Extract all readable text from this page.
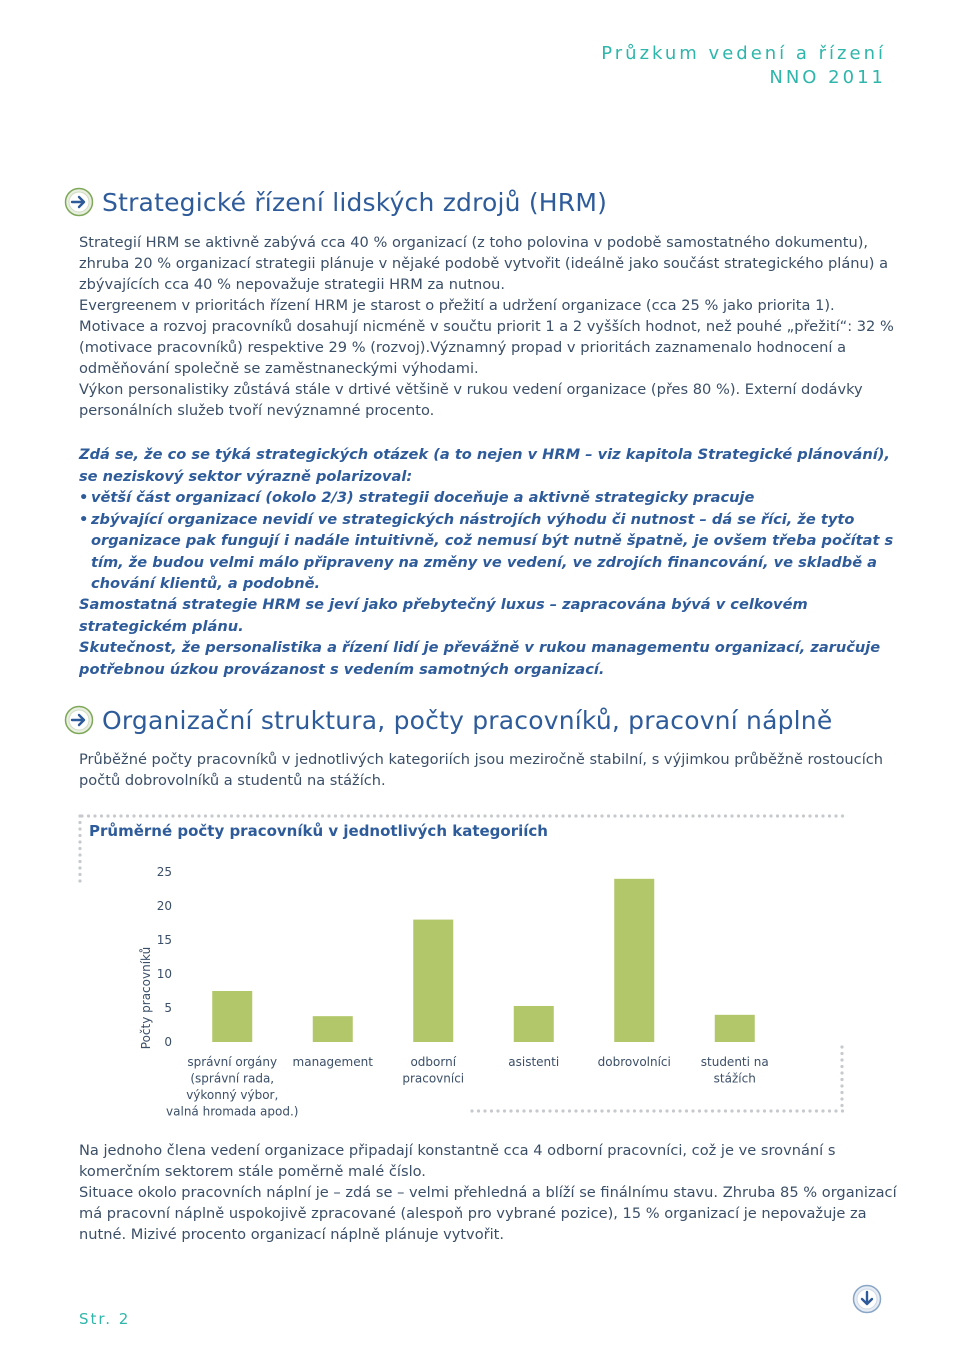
Průzkum vedení a řízení
NNO 2011
Strategické řízení lidských zdrojů (HRM)

Strategií HRM se aktivně zabývá cca 40 % organizací (z toho polovina v podobě samostatného dokumentu), zhruba 20 % organizací strategii plánuje v nějaké podobě vytvořit (ideálně jako součást strategického plánu) a zbývajících cca 40 % nepovažuje strategii HRM za nutnou.

Evergreenem v prioritách řízení HRM je starost o přežití a udržení organizace (cca 25 % jako priorita 1).

Motivace a rozvoj pracovníků dosahují nicméně v součtu priorit 1 a 2 vyšších hodnot, než pouhé „přežití“: 32 % (motivace pracovníků) respektive 29 % (rozvoj).Významný propad v prioritách zaznamenalo hodnocení a odměňování společně se zaměstnaneckými výhodami.

Výkon personalistiky zůstává stále v drtivé většině v rukou vedení organizace (přes 80 %). Externí dodávky personálních služeb tvoří nevýznamné procento.

Zdá se, že co se týká strategických otázek (a to nejen v HRM – viz kapitola Strategické plánování), se neziskový sektor výrazně polarizoval:

• větší část organizací (okolo 2/3) strategii doceňuje a aktivně strategicky pracuje
• zbývající organizace nevidí ve strategických nástrojích výhodu či nutnost – dá se říci, že tyto organizace pak fungují i nadále intuitivně, což nemusí být nutně špatně, je ovšem třeba počítat s tím, že budou velmi málo připraveny na změny ve vedení, ve zdrojích financování, ve skladbě a chování klientů, a podobně.

Samostatná strategie HRM se jeví jako přebytečný luxus – zapracována bývá v celkovém strategickém plánu.

Skutečnost, že personalistika a řízení lidí je převážně v rukou managementu organizací, zaručuje potřebnou úzkou provázanost s vedením samotných organizací.

Organizační struktura, počty pracovníků, pracovní náplně

Průběžné počty pracovníků v jednotlivých kategoriích jsou meziročně stabilní, s výjimkou průběžně rostoucích počtů dobrovolníků a studentů na stážích.

Průměrné počty pracovníků v jednotlivých kategoriích
Počty pracovníků 0
5
10
15
20
25
správní orgány (správní rada, výkonný výbor, valná hromada apod.)
management	odborní pracovníci
asistenti	dobrovolníci studenti na stážích

Na jednoho člena vedení organizace připadají konstantně cca 4 odborní pracovníci, což je ve srovnání s komerčním sektorem stále poměrně malé číslo.

Situace okolo pracovních náplní je – zdá se – velmi přehledná a blíží se finálnímu stavu. Zhruba 85 % organizací má pracovní náplně uspokojivě zpracované (alespoň pro vybrané pozice), 15 % organizací je nepovažuje za nutné. Mizivé procento organizací náplně plánuje vytvořit.

Str. 2
